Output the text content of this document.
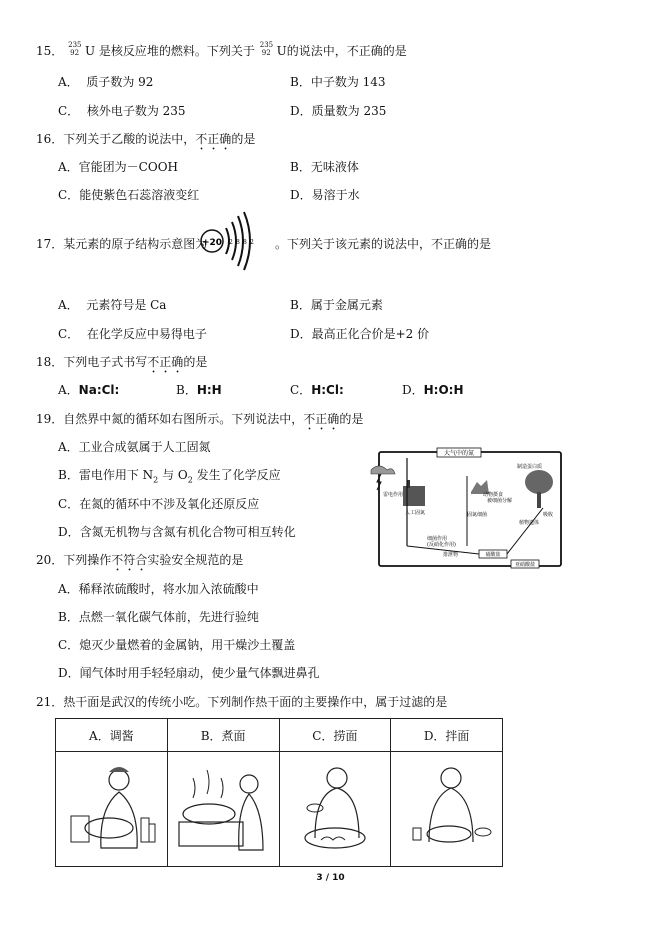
15． 235
92 U 是核反应堆的燃料。下列关于 235
92 U的说法中，不正确的是
A． 质子数为 92	B．中子数为 143
C． 核外电子数为 235	D．质量数为 235
16．下列关于乙酸的说法中，不正确的是
A．官能团为－COOH	B．无味液体
C．能使紫色石蕊溶液变红	D．易溶于水
17．某元素的原子结构示意图为	。下列关于该元素的说法中，不正确的是
+20 2 8 8 2
A． 元素符号是 Ca	B．属于金属元素
C． 在化学反应中易得电子	D．最高正化合价是+2 价
18．下列电子式书写不正确的是
A．Na:Cl:	B．H:H	C．H:Cl:	D．H:O:H
19．自然界中氮的循环如右图所示。下列说法中，不正确的是
A．工业合成氨属于人工固氮
B．雷电作用下 $N_2$ 与 $O_2$ 发生了化学反应
C．在氮的循环中不涉及氧化还原反应
D．含氮无机物与含氮有机化合物可相互转化
大气中的氮
雷电作用
人工固氮
动物摄食
制造蛋白质
植物遗体
固氮细菌
细菌作用
(反硝化作用)
硝酸盐
亚硝酸盐
被细菌分解
吸收
排泄物
20．下列操作不符合实验安全规范的是
A．稀释浓硫酸时，将水加入浓硫酸中
B．点燃一氧化碳气体前，先进行验纯
C．熄灭少量燃着的金属钠，用干燥沙土覆盖
D．闻气体时用手轻轻扇动，使少量气体飘进鼻孔
21．热干面是武汉的传统小吃。下列制作热干面的主要操作中，属于过滤的是
A．调酱	B．煮面	C．捞面	D．拌面

3 / 10
